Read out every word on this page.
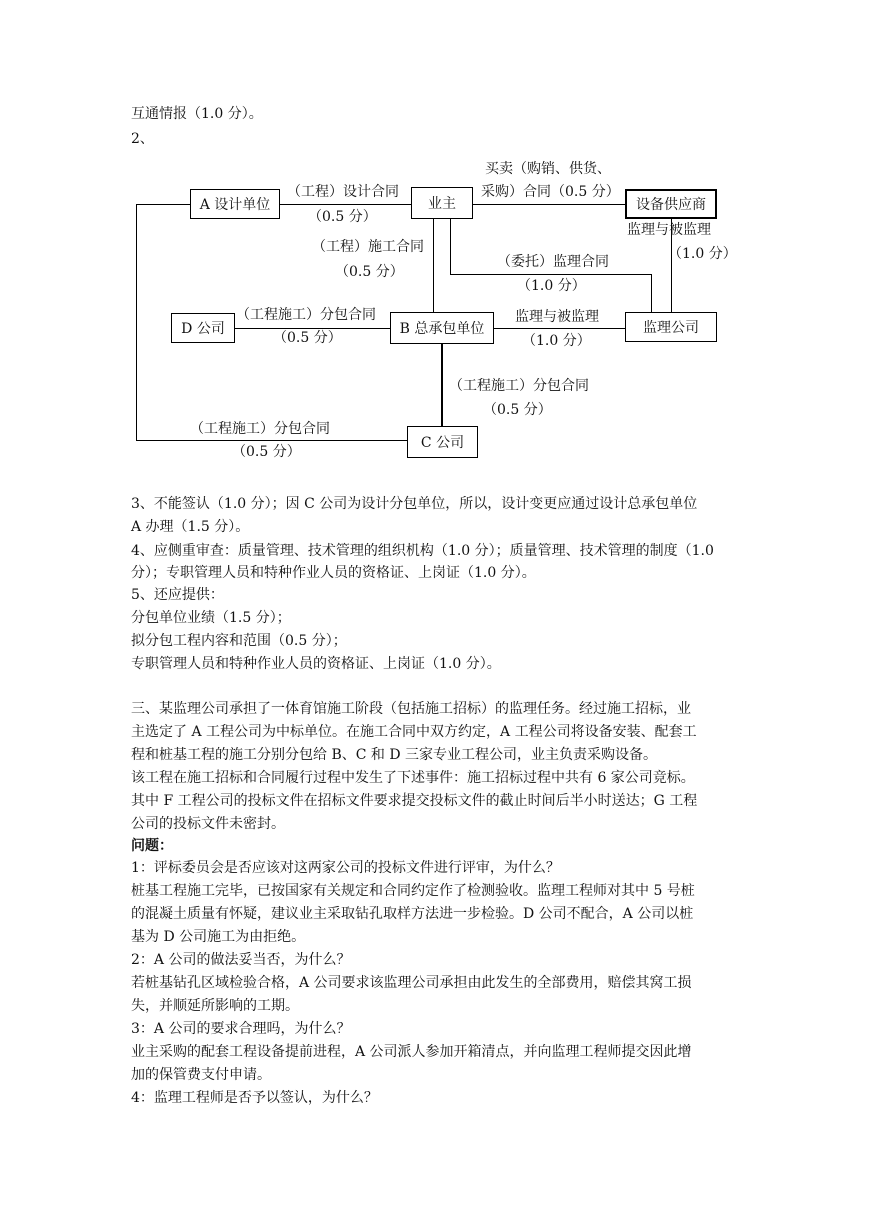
互通情报（1.0 分）。
2、
A 设计单位	业主	设备供应商
D 公司	B 总承包单位	监理公司
C 公司
（工程）设计合同
（0.5 分）
买卖（购销、供货、
采购）合同（0.5 分）
监理与被监理
（1.0 分）
（工程）施工合同
（0.5 分）
（委托）监理合同
（1.0 分）
（工程施工）分包合同
（0.5 分）
监理与被监理
（1.0 分）
（工程施工）分包合同
（0.5 分）
（工程施工）分包合同
（0.5 分）
3、不能签认（1.0 分）；因 C 公司为设计分包单位，所以，设计变更应通过设计总承包单位
A 办理（1.5 分）。
4、应侧重审查：质量管理、技术管理的组织机构（1.0 分）；质量管理、技术管理的制度（1.0
分）；专职管理人员和特种作业人员的资格证、上岗证（1.0 分）。
5、还应提供：
分包单位业绩（1.5 分）；
拟分包工程内容和范围（0.5 分）；
专职管理人员和特种作业人员的资格证、上岗证（1.0 分）。
三、某监理公司承担了一体育馆施工阶段（包括施工招标）的监理任务。经过施工招标，业
主选定了 A 工程公司为中标单位。在施工合同中双方约定，A 工程公司将设备安装、配套工
程和桩基工程的施工分别分包给 B、C 和 D 三家专业工程公司，业主负责采购设备。
该工程在施工招标和合同履行过程中发生了下述事件：施工招标过程中共有 6 家公司竞标。
其中 F 工程公司的投标文件在招标文件要求提交投标文件的截止时间后半小时送达；G 工程
公司的投标文件未密封。
问题：
1：评标委员会是否应该对这两家公司的投标文件进行评审，为什么？
桩基工程施工完毕，已按国家有关规定和合同约定作了检测验收。监理工程师对其中 5 号桩
的混凝土质量有怀疑，建议业主采取钻孔取样方法进一步检验。D 公司不配合，A 公司以桩
基为 D 公司施工为由拒绝。
2：A 公司的做法妥当否，为什么？
若桩基钻孔区域检验合格，A 公司要求该监理公司承担由此发生的全部费用，赔偿其窝工损
失，并顺延所影响的工期。
3：A 公司的要求合理吗，为什么？
业主采购的配套工程设备提前进程，A 公司派人参加开箱清点，并向监理工程师提交因此增
加的保管费支付申请。
4：监理工程师是否予以签认，为什么？
